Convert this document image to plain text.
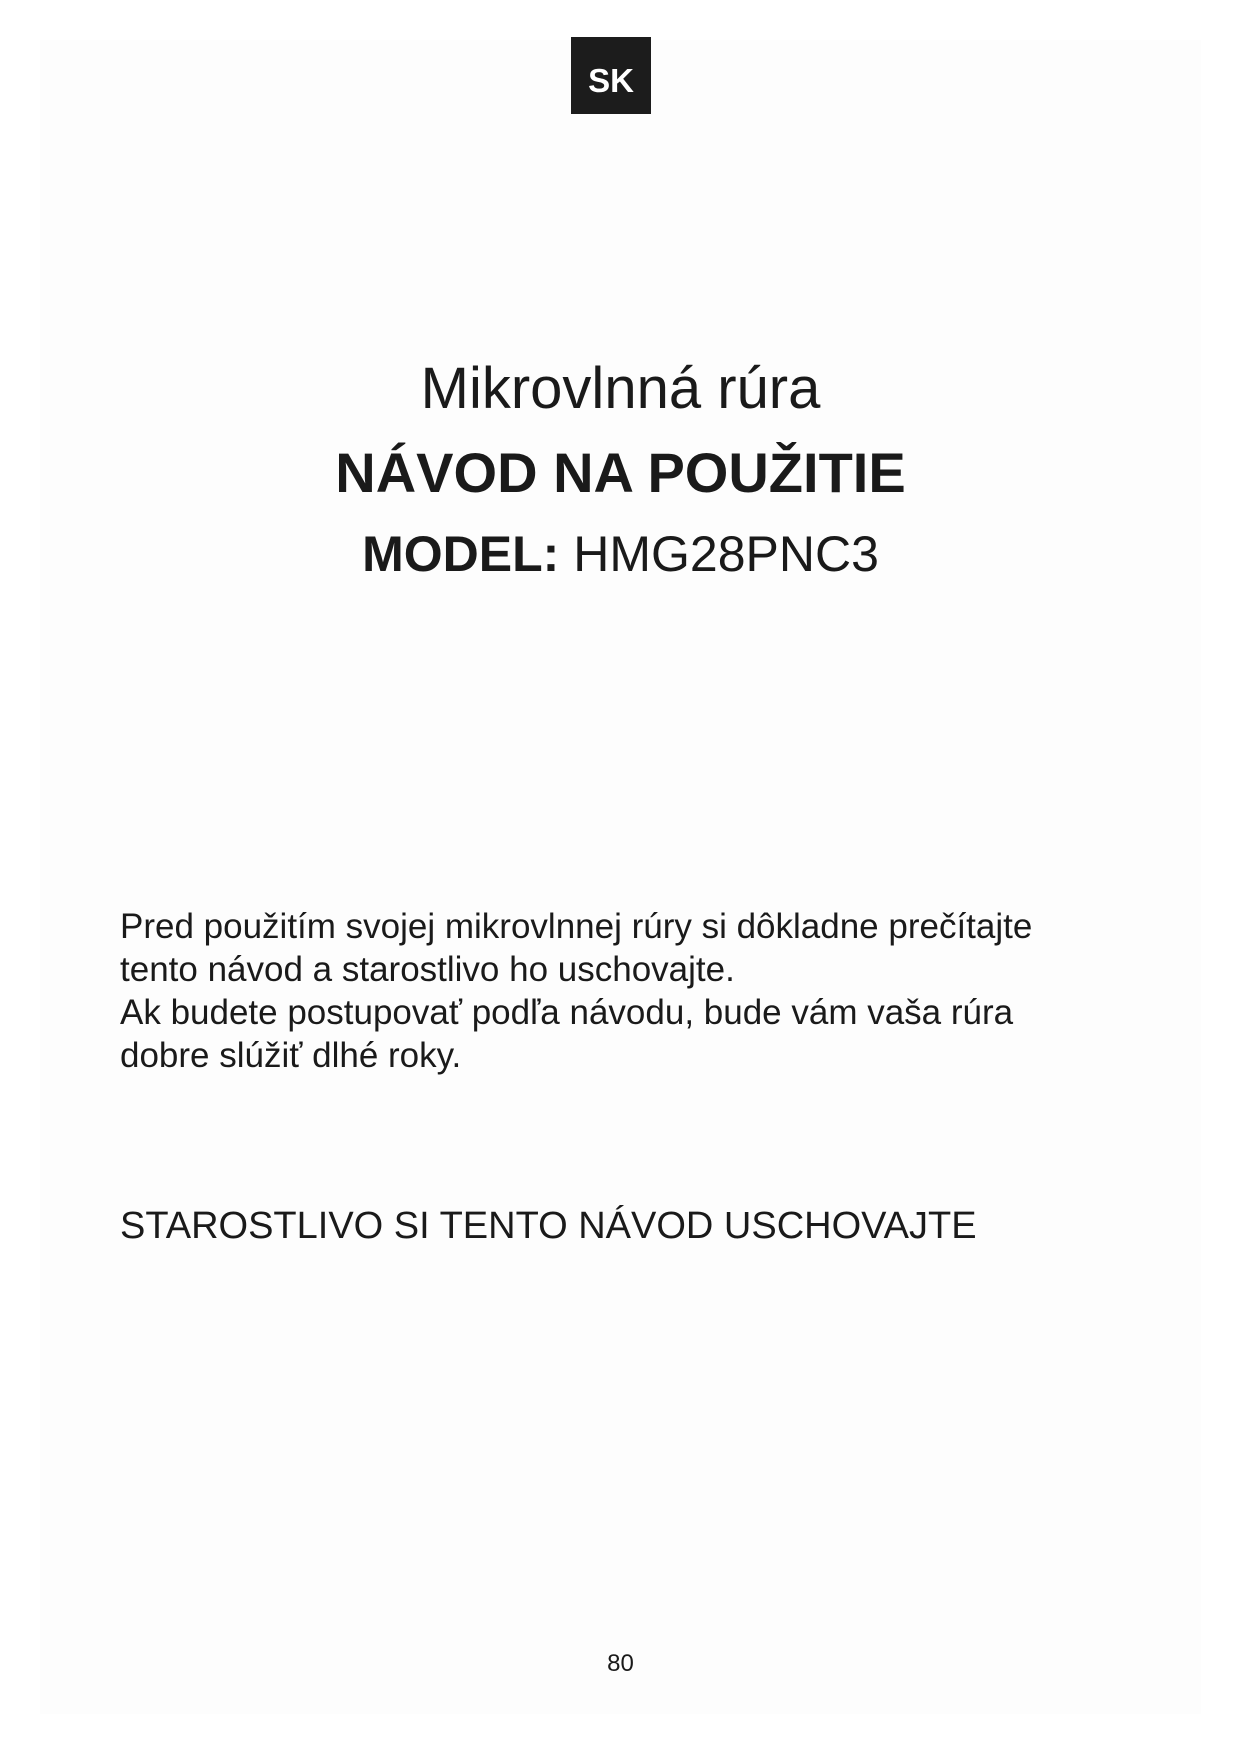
SK
Mikrovlnná rúra
NÁVOD NA POUŽITIE
MODEL: HMG28PNC3

Pred použitím svojej mikrovlnnej rúry si dôkladne prečítajte

tento návod a starostlivo ho uschovajte.

Ak budete postupovať podľa návodu, bude vám vaša rúra

dobre slúžiť dlhé roky.

STAROSTLIVO SI TENTO NÁVOD USCHOVAJTE
80
